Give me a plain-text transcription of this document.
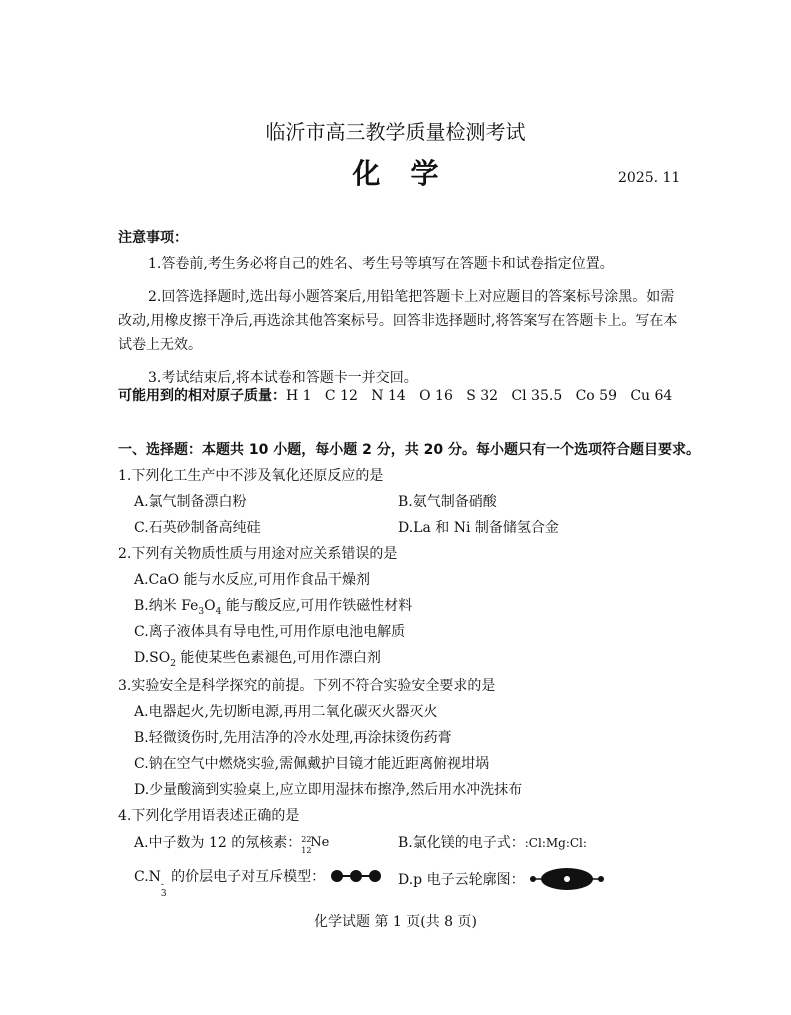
临沂市高三教学质量检测考试
化学	2025. 11
注意事项：

1.答卷前,考生务必将自己的姓名、考生号等填写在答题卡和试卷指定位置。

2.回答选择题时,选出每小题答案后,用铅笔把答题卡上对应题目的答案标号涂黑。如需改动,用橡皮擦干净后,再选涂其他答案标号。回答非选择题时,将答案写在答题卡上。写在本试卷上无效。

3.考试结束后,将本试卷和答题卡一并交回。

可能用到的相对原子质量：H 1   C 12   N 14   O 16   S 32   Cl 35.5   Co 59   Cu 64
一、选择题：本题共 10 小题，每小题 2 分，共 20 分。每小题只有一个选项符合题目要求。
1.下列化工生产中不涉及氧化还原反应的是
A.氯气制备漂白粉	B.氨气制备硝酸
C.石英砂制备高纯硅	D.La 和 Ni 制备储氢合金
2.下列有关物质性质与用途对应关系错误的是
A.CaO 能与水反应,可用作食品干燥剂
B.纳米 $Fe_3O_4$ 能与酸反应,可用作铁磁性材料
C.离子液体具有导电性,可用作原电池电解质
$D.SO_2$ 能使某些色素褪色,可用作漂白剂
3.实验安全是科学探究的前提。下列不符合实验安全要求的是
A.电器起火,先切断电源,再用二氧化碳灭火器灭火
B.轻微烫伤时,先用洁净的冷水处理,再涂抹烫伤药膏
C.钠在空气中燃烧实验,需佩戴护目镜才能近距离俯视坩埚
D.少量酸滴到实验桌上,应立即用湿抹布擦净,然后用水冲洗抹布
4.下列化学用语表述正确的是
A.中子数为 12 的氖核素： 22
12
Ne	B.氯化镁的电子式：:Cl:Mg:Cl:
C.N -
3
的价层电子对互斥模型：	D.p 电子云轮廓图：
化学试题 第 1 页(共 8 页)
